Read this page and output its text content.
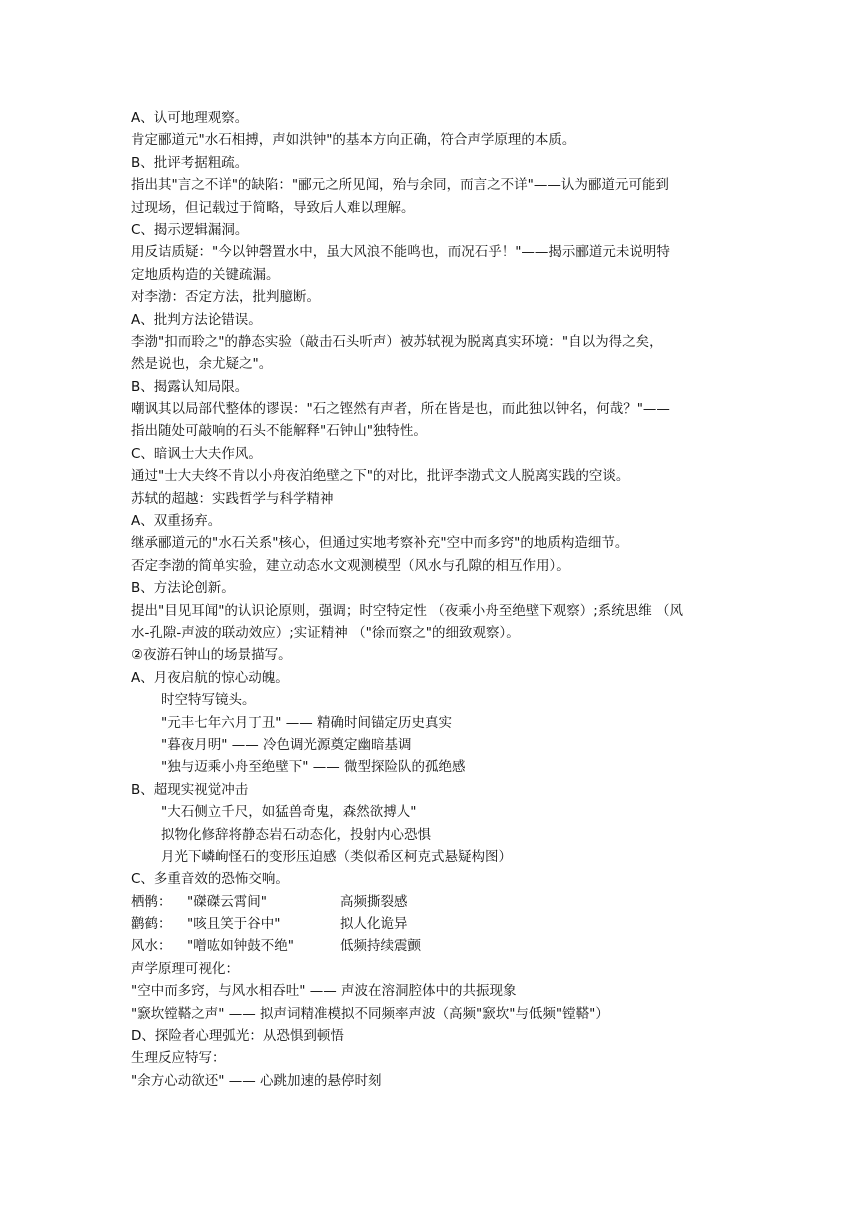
A、认可地理观察。
肯定郦道元"水石相搏，声如洪钟"的基本方向正确，符合声学原理的本质。
B、批评考据粗疏。
指出其"言之不详"的缺陷："郦元之所见闻，殆与余同，而言之不详"——认为郦道元可能到
过现场，但记载过于简略，导致后人难以理解。
C、揭示逻辑漏洞。
用反诘质疑："今以钟磬置水中，虽大风浪不能鸣也，而况石乎！"——揭示郦道元未说明特
定地质构造的关键疏漏。
对李渤：否定方法，批判臆断。
A、批判方法论错误。
李渤"扣而聆之"的静态实验（敲击石头听声）被苏轼视为脱离真实环境："自以为得之矣，
然是说也，余尤疑之"。
B、揭露认知局限。
嘲讽其以局部代整体的谬误："石之铿然有声者，所在皆是也，而此独以钟名，何哉？"——
指出随处可敲响的石头不能解释"石钟山"独特性。
C、暗讽士大夫作风。
通过"士大夫终不肯以小舟夜泊绝壁之下"的对比，批评李渤式文人脱离实践的空谈。
苏轼的超越：实践哲学与科学精神
A、双重扬弃。
继承郦道元的"水石关系"核心，但通过实地考察补充"空中而多窍"的地质构造细节。
否定李渤的简单实验，建立动态水文观测模型（风水与孔隙的相互作用）。
B、方法论创新。
提出"目见耳闻"的认识论原则，强调；时空特定性 （夜乘小舟至绝壁下观察）;系统思维 （风
水-孔隙-声波的联动效应）;实证精神 （"徐而察之"的细致观察）。
②夜游石钟山的场景描写。
A、月夜启航的惊心动魄。
时空特写镜头。
"元丰七年六月丁丑" —— 精确时间锚定历史真实
"暮夜月明" —— 冷色调光源奠定幽暗基调
"独与迈乘小舟至绝壁下" —— 微型探险队的孤绝感
B、超现实视觉冲击
"大石侧立千尺，如猛兽奇鬼，森然欲搏人"
拟物化修辞将静态岩石动态化，投射内心恐惧
月光下嶙峋怪石的变形压迫感（类似希区柯克式悬疑构图）
C、多重音效的恐怖交响。
栖鹘：	"磔磔云霄间"	高频撕裂感
鹳鹤：	"咳且笑于谷中"	拟人化诡异
风水：	"噌吰如钟鼓不绝"	低频持续震颤
声学原理可视化：
"空中而多窍，与风水相吞吐" —— 声波在溶洞腔体中的共振现象
"窾坎镗鞳之声" —— 拟声词精准模拟不同频率声波（高频"窾坎"与低频"镗鞳"）
D、探险者心理弧光：从恐惧到顿悟
生理反应特写：
"余方心动欲还" —— 心跳加速的悬停时刻
